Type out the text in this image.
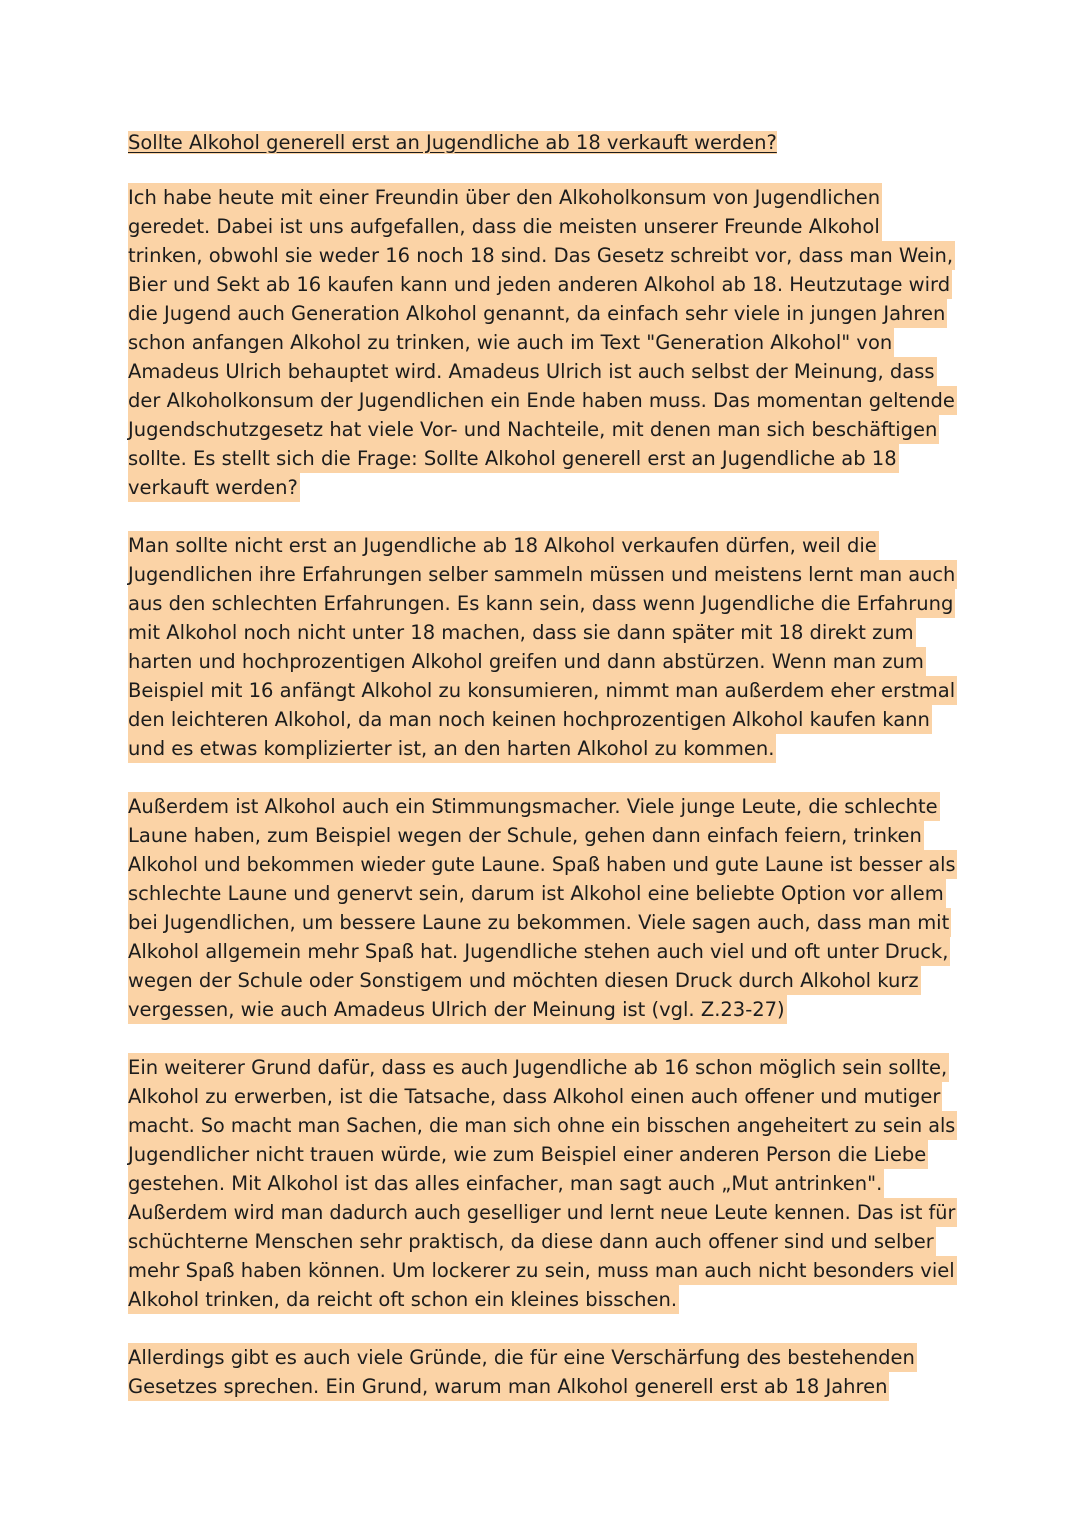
Sollte Alkohol generell erst an Jugendliche ab 18 verkauft werden?
Ich habe heute mit einer Freundin über den Alkoholkonsum von Jugendlichen
geredet. Dabei ist uns aufgefallen, dass die meisten unserer Freunde Alkohol
trinken, obwohl sie weder 16 noch 18 sind. Das Gesetz schreibt vor, dass man Wein,
Bier und Sekt ab 16 kaufen kann und jeden anderen Alkohol ab 18. Heutzutage wird
die Jugend auch Generation Alkohol genannt, da einfach sehr viele in jungen Jahren
schon anfangen Alkohol zu trinken, wie auch im Text "Generation Alkohol" von
Amadeus Ulrich behauptet wird. Amadeus Ulrich ist auch selbst der Meinung, dass
der Alkoholkonsum der Jugendlichen ein Ende haben muss. Das momentan geltende
Jugendschutzgesetz hat viele Vor- und Nachteile, mit denen man sich beschäftigen
sollte. Es stellt sich die Frage: Sollte Alkohol generell erst an Jugendliche ab 18
verkauft werden?
Man sollte nicht erst an Jugendliche ab 18 Alkohol verkaufen dürfen, weil die
Jugendlichen ihre Erfahrungen selber sammeln müssen und meistens lernt man auch
aus den schlechten Erfahrungen. Es kann sein, dass wenn Jugendliche die Erfahrung
mit Alkohol noch nicht unter 18 machen, dass sie dann später mit 18 direkt zum
harten und hochprozentigen Alkohol greifen und dann abstürzen. Wenn man zum
Beispiel mit 16 anfängt Alkohol zu konsumieren, nimmt man außerdem eher erstmal
den leichteren Alkohol, da man noch keinen hochprozentigen Alkohol kaufen kann
und es etwas komplizierter ist, an den harten Alkohol zu kommen.
Außerdem ist Alkohol auch ein Stimmungsmacher. Viele junge Leute, die schlechte
Laune haben, zum Beispiel wegen der Schule, gehen dann einfach feiern, trinken
Alkohol und bekommen wieder gute Laune. Spaß haben und gute Laune ist besser als
schlechte Laune und genervt sein, darum ist Alkohol eine beliebte Option vor allem
bei Jugendlichen, um bessere Laune zu bekommen. Viele sagen auch, dass man mit
Alkohol allgemein mehr Spaß hat. Jugendliche stehen auch viel und oft unter Druck,
wegen der Schule oder Sonstigem und möchten diesen Druck durch Alkohol kurz
vergessen, wie auch Amadeus Ulrich der Meinung ist (vgl. Z.23-27)
Ein weiterer Grund dafür, dass es auch Jugendliche ab 16 schon möglich sein sollte,
Alkohol zu erwerben, ist die Tatsache, dass Alkohol einen auch offener und mutiger
macht. So macht man Sachen, die man sich ohne ein bisschen angeheitert zu sein als
Jugendlicher nicht trauen würde, wie zum Beispiel einer anderen Person die Liebe
gestehen. Mit Alkohol ist das alles einfacher, man sagt auch „Mut antrinken".
Außerdem wird man dadurch auch geselliger und lernt neue Leute kennen. Das ist für
schüchterne Menschen sehr praktisch, da diese dann auch offener sind und selber
mehr Spaß haben können. Um lockerer zu sein, muss man auch nicht besonders viel
Alkohol trinken, da reicht oft schon ein kleines bisschen.
Allerdings gibt es auch viele Gründe, die für eine Verschärfung des bestehenden
Gesetzes sprechen. Ein Grund, warum man Alkohol generell erst ab 18 Jahren
